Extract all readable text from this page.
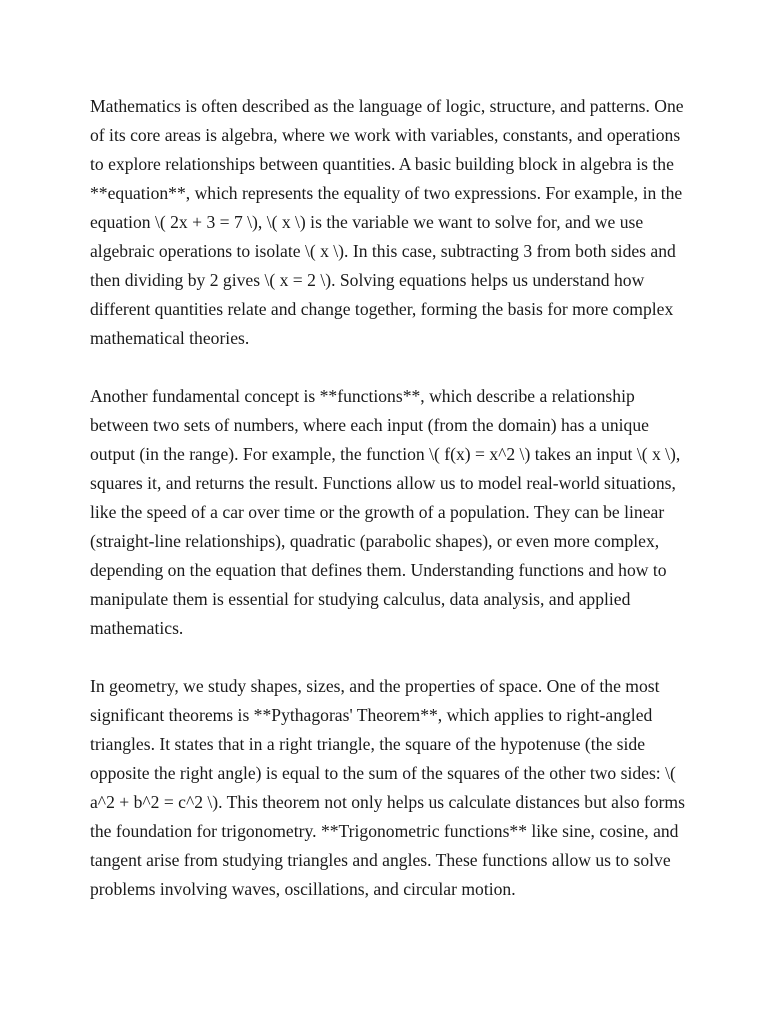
Mathematics is often described as the language of logic, structure, and patterns. One of its core areas is algebra, where we work with variables, constants, and operations to explore relationships between quantities. A basic building block in algebra is the **equation**, which represents the equality of two expressions. For example, in the equation \( 2x + 3 = 7 \), \( x \) is the variable we want to solve for, and we use algebraic operations to isolate \( x \). In this case, subtracting 3 from both sides and then dividing by 2 gives \( x = 2 \). Solving equations helps us understand how different quantities relate and change together, forming the basis for more complex mathematical theories.

Another fundamental concept is **functions**, which describe a relationship between two sets of numbers, where each input (from the domain) has a unique output (in the range). For example, the function \( f(x) = x^2 \) takes an input \( x \), squares it, and returns the result. Functions allow us to model real-world situations, like the speed of a car over time or the growth of a population. They can be linear (straight-line relationships), quadratic (parabolic shapes), or even more complex, depending on the equation that defines them. Understanding functions and how to manipulate them is essential for studying calculus, data analysis, and applied mathematics.

In geometry, we study shapes, sizes, and the properties of space. One of the most significant theorems is **Pythagoras' Theorem**, which applies to right-angled triangles. It states that in a right triangle, the square of the hypotenuse (the side opposite the right angle) is equal to the sum of the squares of the other two sides: \( a^2 + b^2 = c^2 \). This theorem not only helps us calculate distances but also forms the foundation for trigonometry. **Trigonometric functions** like sine, cosine, and tangent arise from studying triangles and angles. These functions allow us to solve problems involving waves, oscillations, and circular motion.
